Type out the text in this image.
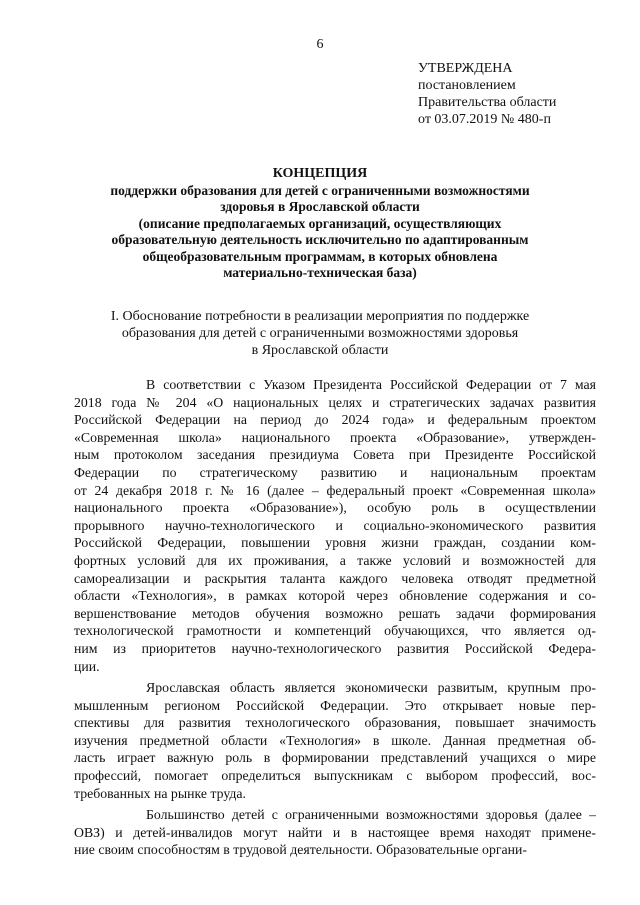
6
УТВЕРЖДЕНА
постановлением
Правительства области
от 03.07.2019 № 480-п
КОНЦЕПЦИЯ
поддержки образования для детей с ограниченными возможностями
здоровья в Ярославской области
(описание предполагаемых организаций, осуществляющих
образовательную деятельность исключительно по адаптированным
общеобразовательным программам, в которых обновлена
материально-техническая база)
I. Обоснование потребности в реализации мероприятия по поддержке
образования для детей с ограниченными возможностями здоровья
в Ярославской области
В соответствии с Указом Президента Российской Федерации от 7 мая
2018 года № 204 «О национальных целях и стратегических задачах развития
Российской Федерации на период до 2024 года» и федеральным проектом
«Современная школа» национального проекта «Образование», утвержден-
ным протоколом заседания президиума Совета при Президенте Российской
Федерации по стратегическому развитию и национальным проектам
от 24 декабря 2018 г. № 16 (далее – федеральный проект «Современная школа»
национального проекта «Образование»), особую роль в осуществлении
прорывного научно-технологического и социально-экономического развития
Российской Федерации, повышении уровня жизни граждан, создании ком-
фортных условий для их проживания, а также условий и возможностей для
самореализации и раскрытия таланта каждого человека отводят предметной
области «Технология», в рамках которой через обновление содержания и со-
вершенствование методов обучения возможно решать задачи формирования
технологической грамотности и компетенций обучающихся, что является од-
ним из приоритетов научно-технологического развития Российской Федера-
ции.
Ярославская область является экономически развитым, крупным про-
мышленным регионом Российской Федерации. Это открывает новые пер-
спективы для развития технологического образования, повышает значимость
изучения предметной области «Технология» в школе. Данная предметная об-
ласть играет важную роль в формировании представлений учащихся о мире
профессий, помогает определиться выпускникам с выбором профессий, вос-
требованных на рынке труда.
Большинство детей с ограниченными возможностями здоровья (далее –
ОВЗ) и детей-инвалидов могут найти и в настоящее время находят примене-
ние своим способностям в трудовой деятельности. Образовательные органи-
